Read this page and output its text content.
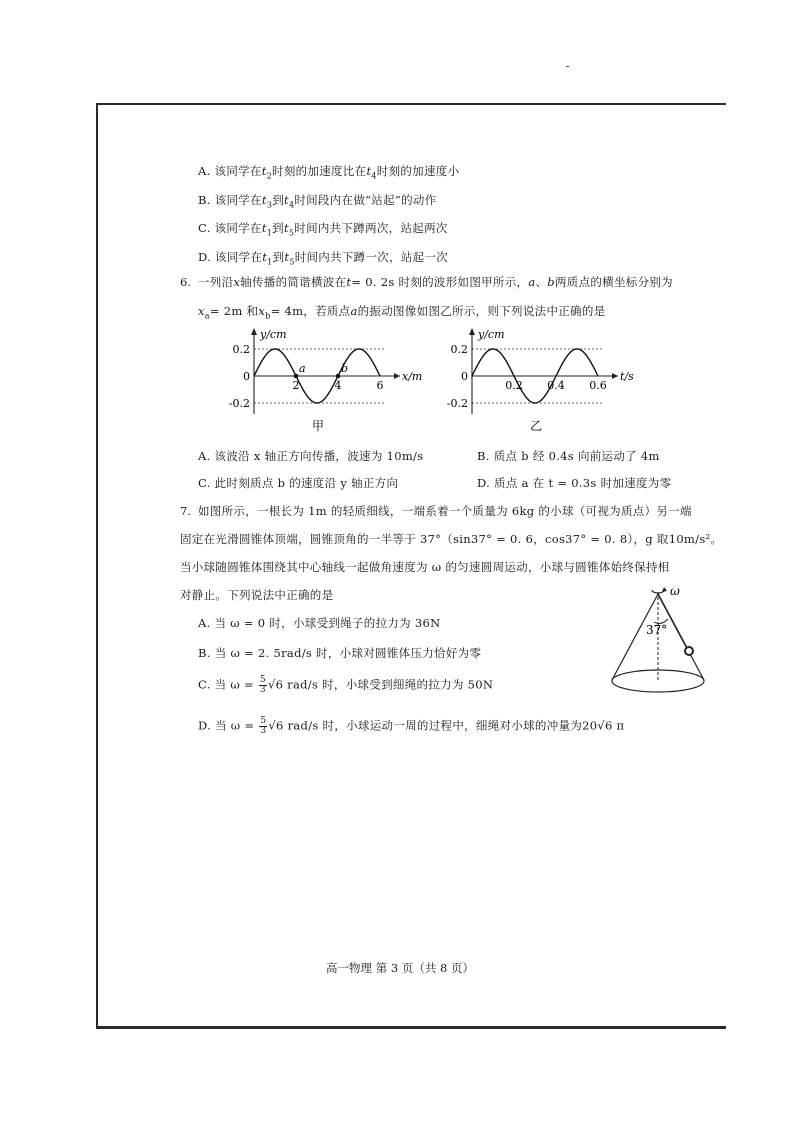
A. 该同学在$t_2$时刻的加速度比在$t_4$时刻的加速度小
B. 该同学在$t_3$到$t_4$时间段内在做“站起”的动作
C. 该同学在$t_1$到$t_5$时间内共下蹲两次，站起两次
D. 该同学在$t_1$到$t_5$时间内共下蹲一次，站起一次
6. 一列沿x轴传播的简谐横波在t= 0. 2s 时刻的波形如图甲所示，a、b两质点的横坐标分别为
$x_a= 2m$ 和$x_b= 4m$，若质点a的振动图像如图乙所示，则下列说法中正确的是
0.2
0
-0.2
2	4	6
y/cm
x/m
甲
a	b
0.2
0
-0.2
0.2 0.4 0.6
y/cm
t/s
乙
A. 该波沿 x 轴正方向传播，波速为 10m/s	B. 质点 b 经 0.4s 向前运动了 4m
C. 此时刻质点 b 的速度沿 y 轴正方向	D. 质点 a 在 t = 0.3s 时加速度为零
7. 如图所示，一根长为 1m 的轻质细线，一端系着一个质量为 6kg 的小球（可视为质点）另一端
固定在光滑圆锥体顶端，圆锥顶角的一半等于 37°（sin37° = 0. 6，cos37° = 0. 8），g 取10m/s²。
当小球随圆锥体围绕其中心轴线一起做角速度为 ω 的匀速圆周运动，小球与圆锥体始终保持相
对静止。下列说法中正确的是
A. 当 ω = 0 时，小球受到绳子的拉力为 36N
B. 当 ω = 2. 5rad/s 时，小球对圆锥体压力恰好为零
C. 当 $\omega = \frac{5}{3} √6$ rad/s 时，小球受到细绳的拉力为 50N
D. 当 $\omega = \frac{5}{3} √6$ rad/s 时，小球运动一周的过程中，细绳对小球的冲量为20√6 π
ω
37°
高一物理 第 3 页（共 8 页）
